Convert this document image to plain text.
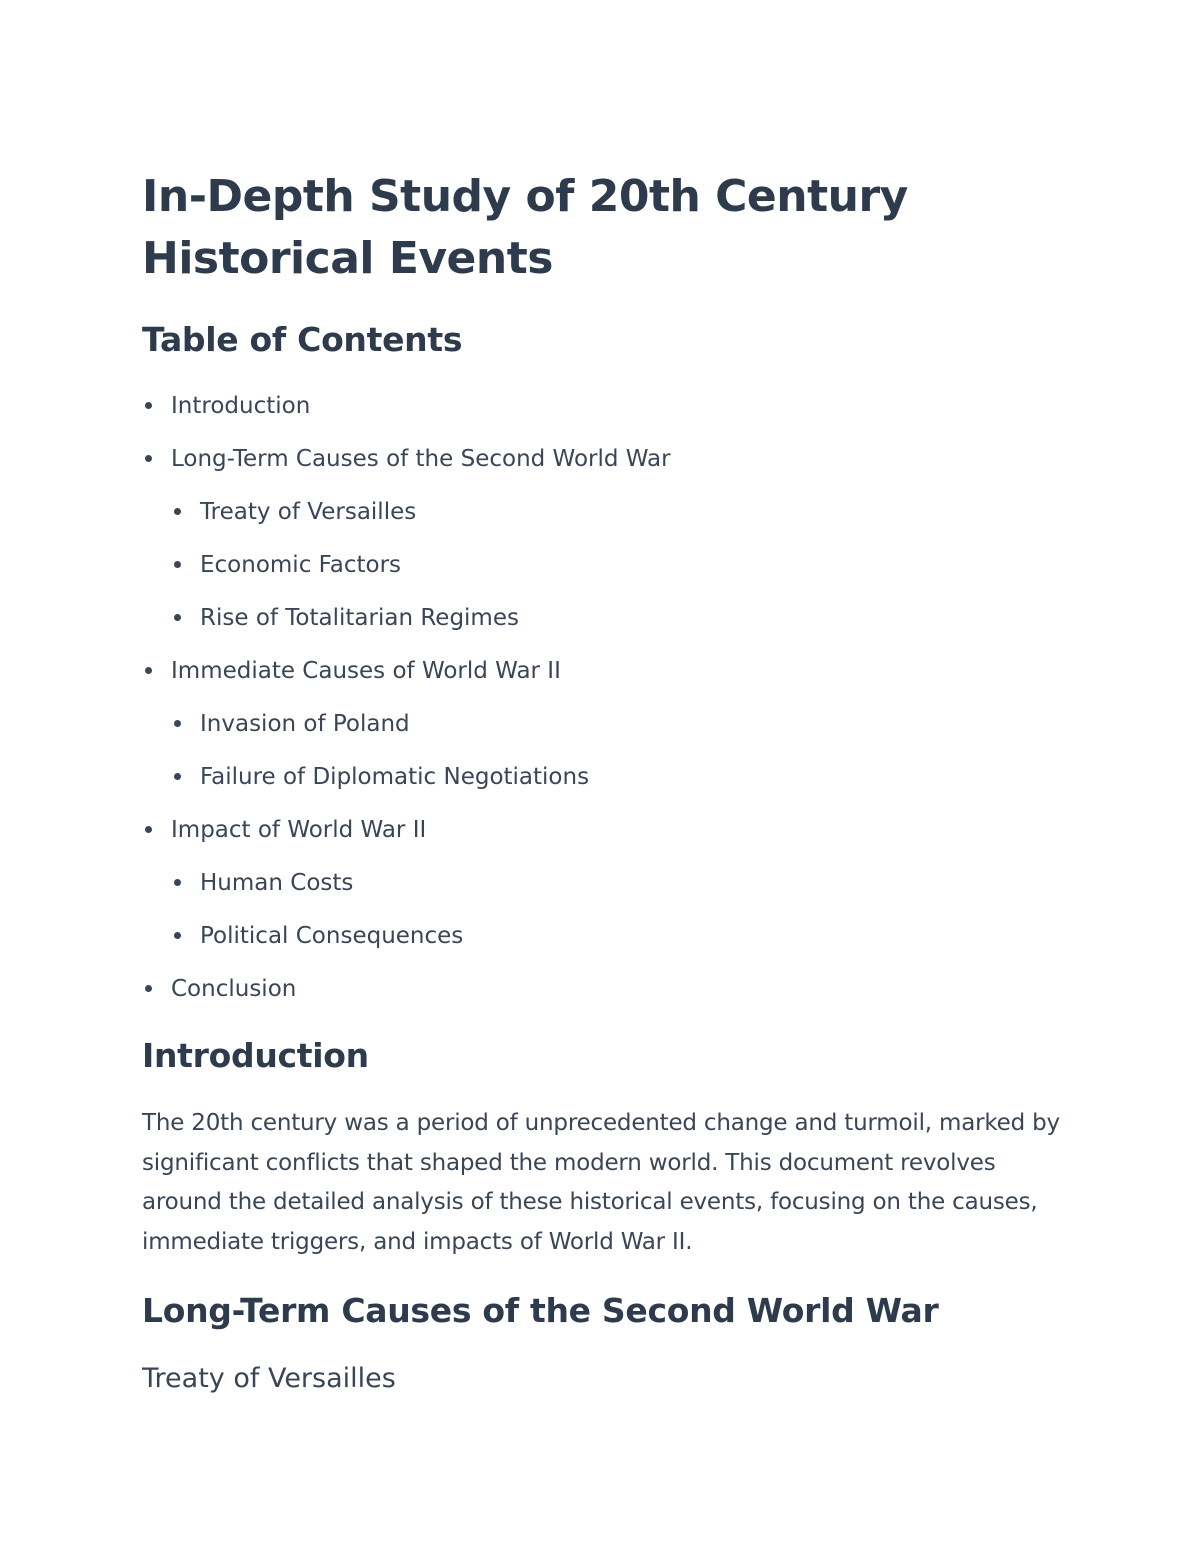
In-Depth Study of 20th Century Historical Events
Table of Contents
Introduction
Long-Term Causes of the Second World War
Treaty of Versailles
Economic Factors
Rise of Totalitarian Regimes
Immediate Causes of World War II
Invasion of Poland
Failure of Diplomatic Negotiations
Impact of World War II
Human Costs
Political Consequences
Conclusion
Introduction

The 20th century was a period of unprecedented change and turmoil, marked by significant conflicts that shaped the modern world. This document revolves around the detailed analysis of these historical events, focusing on the causes, immediate triggers, and impacts of World War II.

Long-Term Causes of the Second World War
Treaty of Versailles
